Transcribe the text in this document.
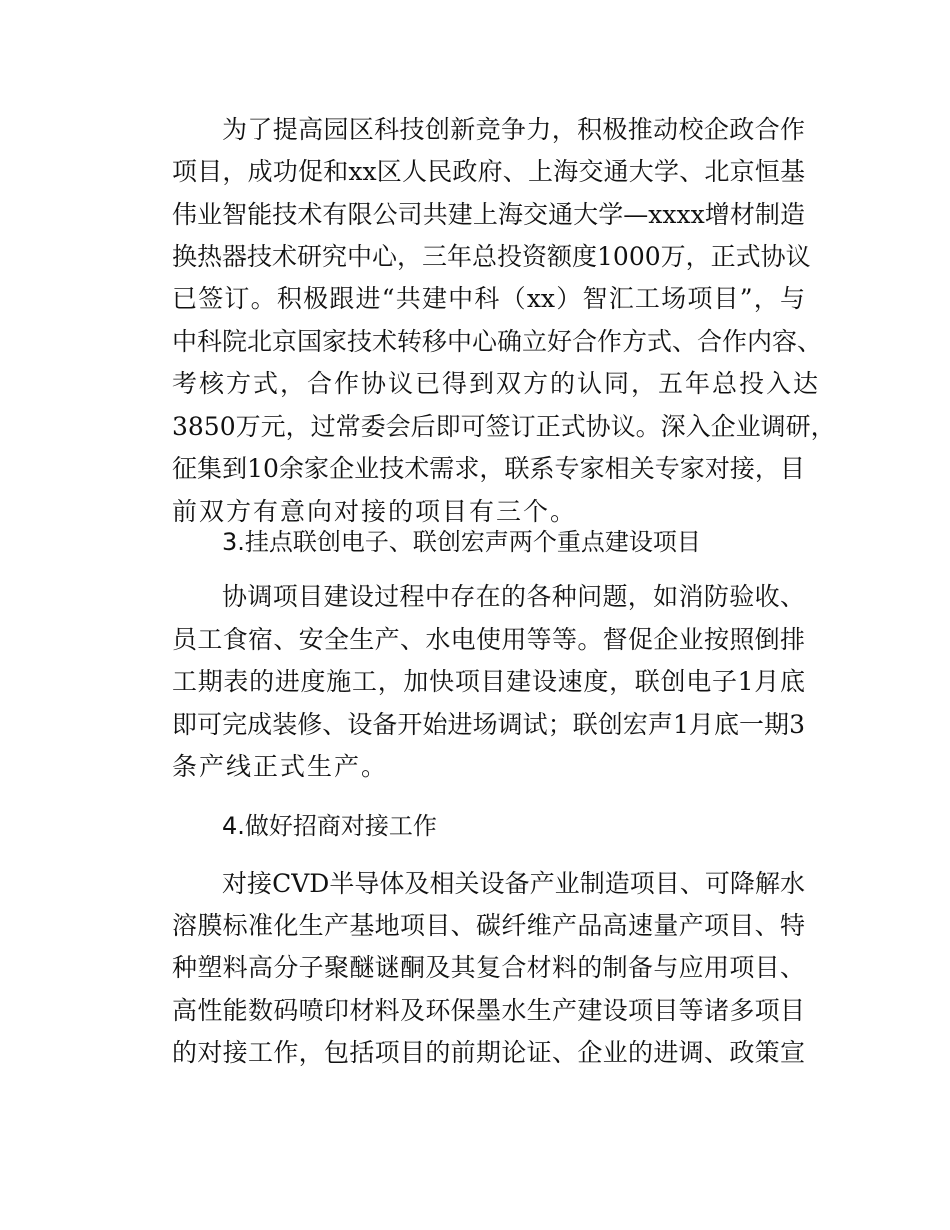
为了提高园区科技创新竞争力，积极推动校企政合作
项目，成功促和xx区人民政府、上海交通大学、北京恒基
伟业智能技术有限公司共建上海交通大学—xxxx增材制造
换热器技术研究中心，三年总投资额度1000万，正式协议
已签订。积极跟进“共建中科（xx）智汇工场项目”，与
中科院北京国家技术转移中心确立好合作方式、合作内容、
考核方式，合作协议已得到双方的认同，五年总投入达
3850万元，过常委会后即可签订正式协议。深入企业调研，
征集到10余家企业技术需求，联系专家相关专家对接，目
前双方有意向对接的项目有三个。
3.挂点联创电子、联创宏声两个重点建设项目
协调项目建设过程中存在的各种问题，如消防验收、
员工食宿、安全生产、水电使用等等。督促企业按照倒排
工期表的进度施工，加快项目建设速度，联创电子1月底
即可完成装修、设备开始进场调试；联创宏声1月底一期3
条产线正式生产。
4.做好招商对接工作
对接CVD半导体及相关设备产业制造项目、可降解水
溶膜标准化生产基地项目、碳纤维产品高速量产项目、特
种塑料高分子聚醚谜酮及其复合材料的制备与应用项目、
高性能数码喷印材料及环保墨水生产建设项目等诸多项目
的对接工作，包括项目的前期论证、企业的进调、政策宣
